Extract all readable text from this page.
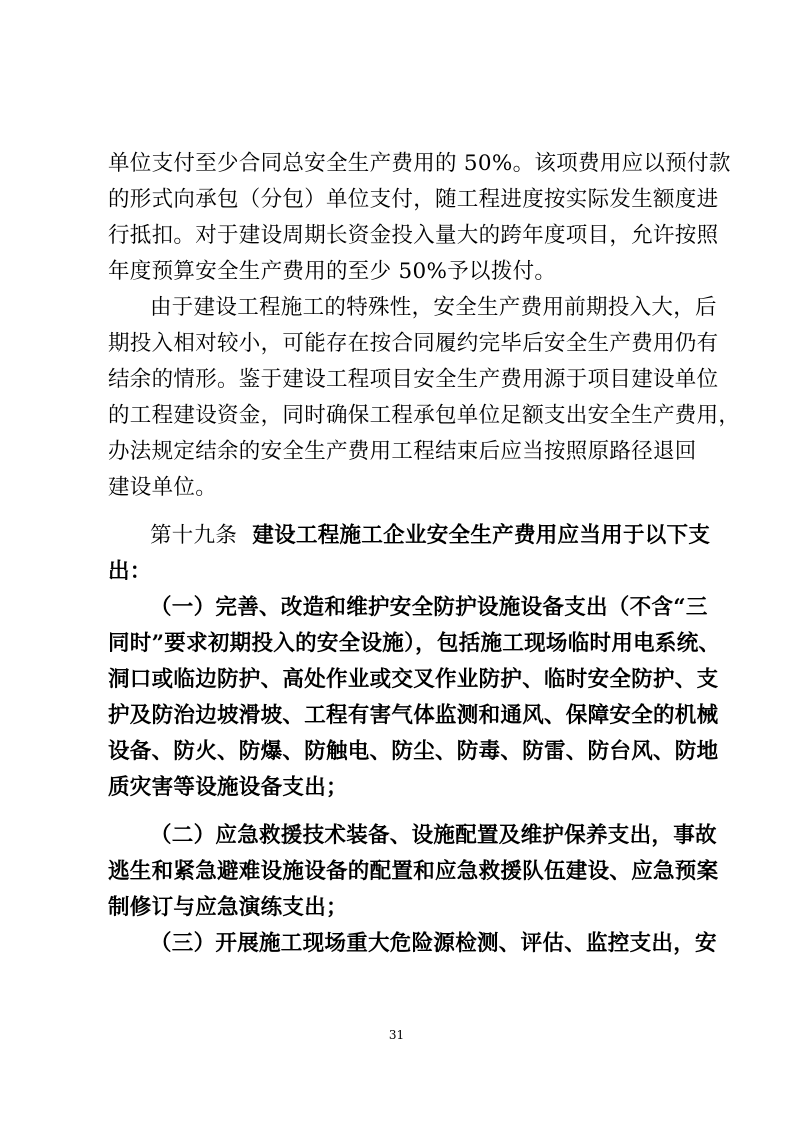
单位支付至少合同总安全生产费用的 50%。该项费用应以预付款
的形式向承包（分包）单位支付，随工程进度按实际发生额度进
行抵扣。对于建设周期长资金投入量大的跨年度项目，允许按照
年度预算安全生产费用的至少 50%予以拨付。
由于建设工程施工的特殊性，安全生产费用前期投入大，后
期投入相对较小，可能存在按合同履约完毕后安全生产费用仍有
结余的情形。鉴于建设工程项目安全生产费用源于项目建设单位
的工程建设资金，同时确保工程承包单位足额支出安全生产费用，
办法规定结余的安全生产费用工程结束后应当按照原路径退回
建设单位。
第十九条 建设工程施工企业安全生产费用应当用于以下支
出：
（一）完善、改造和维护安全防护设施设备支出（不含“三
同时”要求初期投入的安全设施），包括施工现场临时用电系统、
洞口或临边防护、高处作业或交叉作业防护、临时安全防护、支
护及防治边坡滑坡、工程有害气体监测和通风、保障安全的机械
设备、防火、防爆、防触电、防尘、防毒、防雷、防台风、防地
质灾害等设施设备支出；
（二）应急救援技术装备、设施配置及维护保养支出，事故
逃生和紧急避难设施设备的配置和应急救援队伍建设、应急预案
制修订与应急演练支出；
（三）开展施工现场重大危险源检测、评估、监控支出，安
31
